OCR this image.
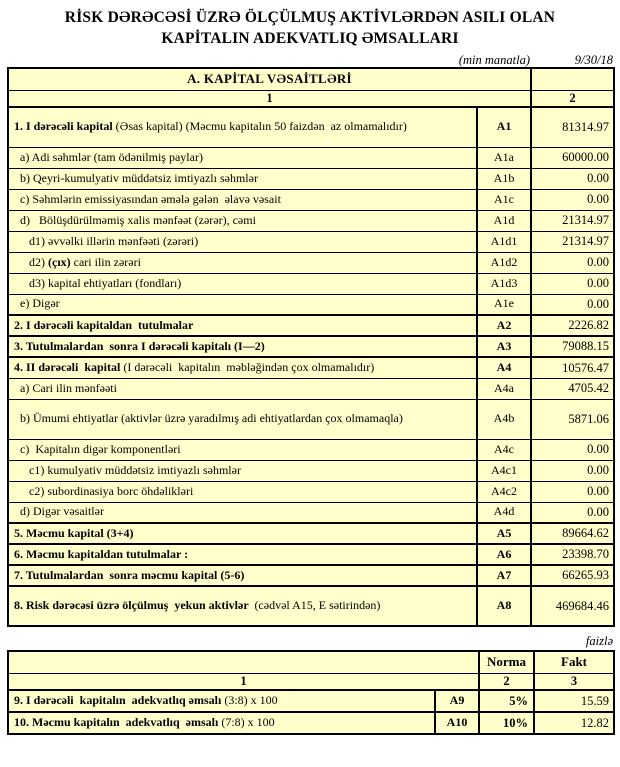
RİSK DƏRƏCƏSİ ÜZRƏ ÖLÇÜLMUŞ AKTİVLƏRDƏN ASILI OLAN
KAPİTALIN ADEKVATLIQ ƏMSALLARI
(min manatla)	9/30/18
A. KAPİTAL VƏSAİTLƏRİ		
1		2
1. I dərəcəli kapital (Əsas kapital) (Məcmu kapitalın 50 faizdən  az olmamalıdır)	A1	81314.97
a) Adi səhmlər (tam ödənilmiş paylar)	A1a	60000.00
b) Qeyri-kumulyativ müddətsiz imtiyazlı səhmlər	A1b	0.00
c) Səhmlərin emissiyasından əmələ gələn  əlavə vəsait	A1c	0.00
d)   Bölüşdürülməmiş xalis mənfəət (zərər), cəmi	A1d	21314.97
d1) əvvəlki illərin mənfəəti (zərəri)	A1d1	21314.97
d2) (çıx) cari ilin zərəri	A1d2	0.00
d3) kapital ehtiyatları (fondları)	A1d3	0.00
e) Digər	A1e	0.00
2. I dərəcəli kapitaldan  tutulmalar	A2	2226.82
3. Tutulmalardan  sonra I dərəcəli kapitalı (I—2)	A3	79088.15
4. II dərəcəli  kapital (I dərəcəli  kapitalın  məbləğindən çox olmamalıdır)	A4	10576.47
a) Cari ilin mənfəəti	A4a	4705.42
b) Ümumi ehtiyatlar (aktivlər üzrə yaradılmış adi ehtiyatlardan çox olmamaqla)	A4b	5871.06
c)  Kapitalın digər komponentləri	A4c	0.00
c1) kumulyativ müddətsiz imtiyazlı səhmlər	A4c1	0.00
c2) subordinasiya borc öhdəlikləri	A4c2	0.00
d) Digər vəsaitlər	A4d	0.00
5. Məcmu kapital (3+4)	A5	89664.62
6. Məcmu kapitaldan tutulmalar :	A6	23398.70
7. Tutulmalardan  sonra məcmu kapital (5-6)	A7	66265.93
8. Risk dərəcəsi üzrə ölçülmuş  yekun aktivlər  (cədvəl A15, E sətirindən)	A8	469684.46
faizlə
		Norma	Fakt
1		2	3
9. I dərəcəli  kapitalın  adekvatlıq əmsalı (3:8) x 100	A9	5%	15.59
10. Məcmu kapitalın  adekvatlıq  əmsalı (7:8) x 100	A10	10%	12.82
